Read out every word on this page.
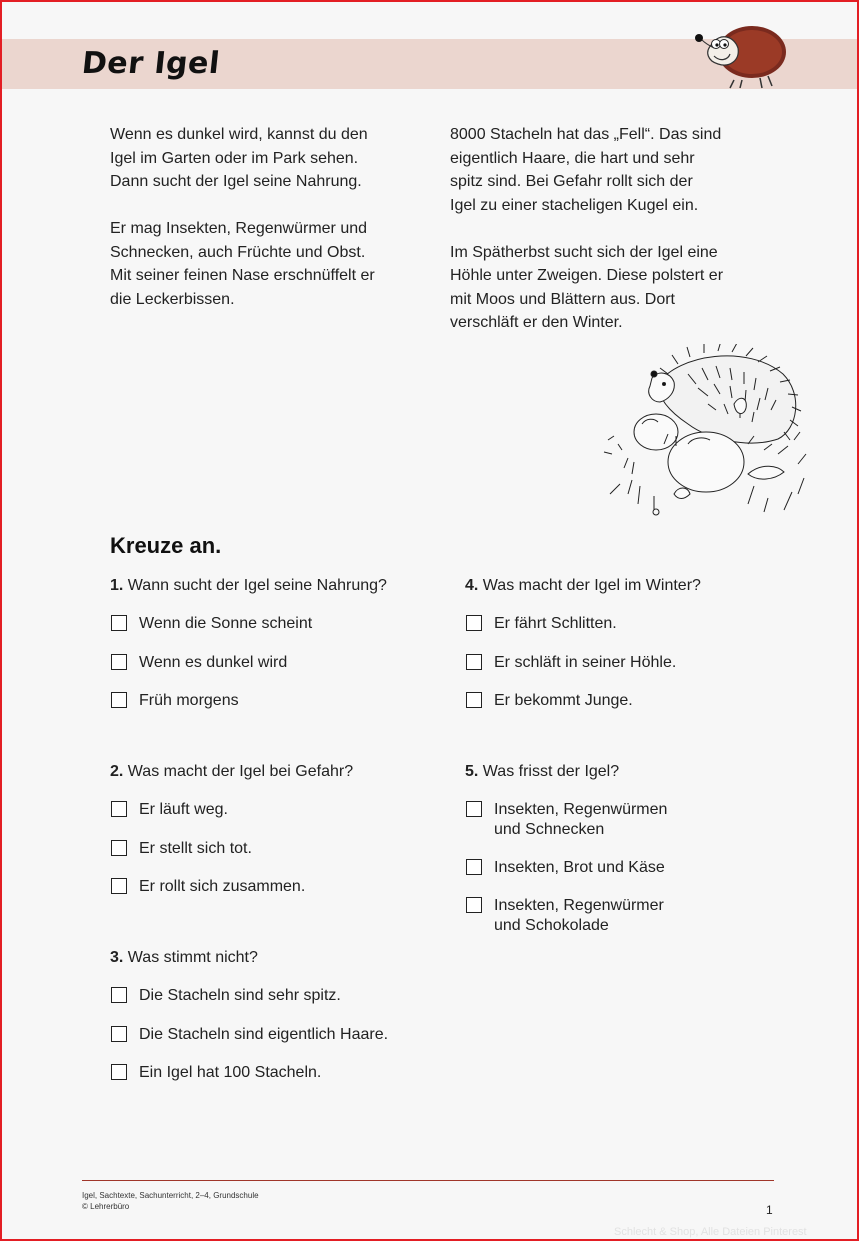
Der Igel

Wenn es dunkel wird, kannst du den
Igel im Garten oder im Park sehen.
Dann sucht der Igel seine Nahrung.

Er mag Insekten, Regenwürmer und
Schnecken, auch Früchte und Obst.
Mit seiner feinen Nase erschnüffelt er
die Leckerbissen.

8000 Stacheln hat das „Fell“. Das sind
eigentlich Haare, die hart und sehr
spitz sind. Bei Gefahr rollt sich der
Igel zu einer stacheligen Kugel ein.

Im Spätherbst sucht sich der Igel eine
Höhle unter Zweigen. Diese polstert er
mit Moos und Blättern aus. Dort
verschläft er den Winter.

Kreuze an.
1. Wann sucht der Igel seine Nahrung?
Wenn die Sonne scheint
Wenn es dunkel wird
Früh morgens
2. Was macht der Igel bei Gefahr?
Er läuft weg.
Er stellt sich tot.
Er rollt sich zusammen.
3. Was stimmt nicht?
Die Stacheln sind sehr spitz.
Die Stacheln sind eigentlich Haare.
Ein Igel hat 100 Stacheln.
4. Was macht der Igel im Winter?
Er fährt Schlitten.
Er schläft in seiner Höhle.
Er bekommt Junge.
5. Was frisst der Igel?
Insekten, Regenwürmen
und Schnecken
Insekten, Brot und Käse
Insekten, Regenwürmer
und Schokolade
Igel, Sachtexte, Sachunterricht, 2–4, Grundschule
© Lehrerbüro	1
Schlecht & Shop, Alle Dateien Pinterest
